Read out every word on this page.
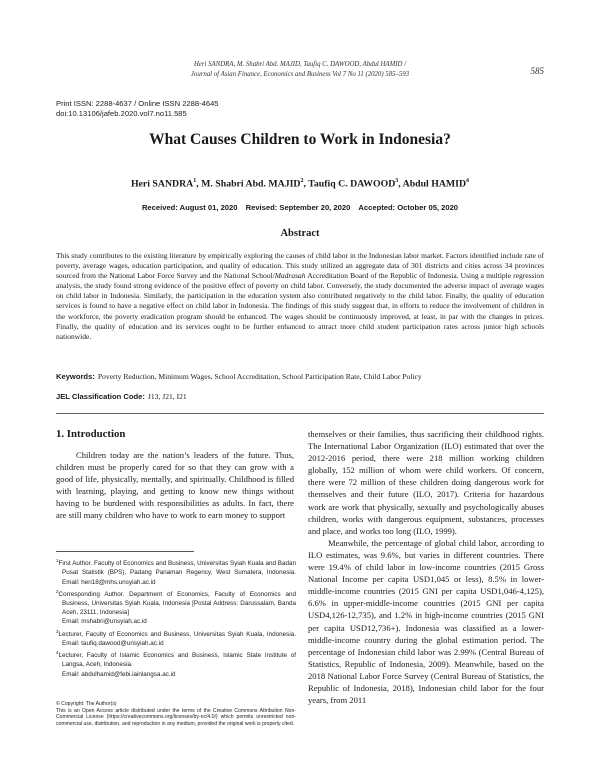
Heri SANDRA, M. Shabri Abd. MAJID, Taufiq C. DAWOOD, Abdul HAMID /
Journal of Asian Finance, Economics and Business Vol 7 No 11 (2020) 585–593	585
Print ISSN: 2288-4637 / Online ISSN 2288-4645
doi:10.13106/jafeb.2020.vol7.no11.585
What Causes Children to Work in Indonesia?
Heri SANDRA$^1$, M. Shabri Abd. MAJID$^2$, Taufiq C. DAWOOD$^3$, Abdul HAMID$^4$
Received: August 01, 2020 Revised: September 20, 2020 Accepted: October 05, 2020
Abstract
This study contributes to the existing literature by empirically exploring the causes of child labor in the Indonesian labor market. Factors identified include rate of poverty, average wages, education participation, and quality of education. This study utilized an aggregate data of 301 districts and cities across 34 provinces sourced from the National Labor Force Survey and the National School/Madrasah Accreditation Board of the Republic of Indonesia. Using a multiple regression analysis, the study found strong evidence of the positive effect of poverty on child labor. Conversely, the study documented the adverse impact of average wages on child labor in Indonesia. Similarly, the participation in the education system also contributed negatively to the child labor. Finally, the quality of education services is found to have a negative effect on child labor in Indonesia. The findings of this study suggest that, in efforts to reduce the involvement of children in the workforce, the poverty eradication program should be enhanced. The wages should be continuously improved, at least, in par with the changes in prices. Finally, the quality of education and its services ought to be further enhanced to attract more child student participation rates across junior high schools nationwide.
Keywords: Poverty Reduction, Minimum Wages, School Accreditation, School Participation Rate, Child Labor Policy
JEL Classification Code: J13, J21, I21
1. Introduction
Children today are the nation’s leaders of the future. Thus, children must be properly cared for so that they can grow with a good of life, physically, mentally, and spiritually. Childhood is filled with learning, playing, and getting to know new things without having to be burdened with responsibilities as adults. In fact, there are still many children who have to work to earn money to support
$^1$First Author. Faculty of Economics and Business, Universitas Syiah Kuala and Badan Pusat Statistik (BPS), Padang Pariaman Regency, West Sumatera, Indonesia. Email: heri18@mhs.unsyiah.ac.id
$^2$Corresponding Author. Department of Economics, Faculty of Economics and Business, Universitas Syiah Kuala, Indonesia [Postal Address: Darussalam, Banda Aceh, 23111, Indonesia]
Email: mshabri@unsyiah.ac.id
$^3$Lecturer, Faculty of Economics and Business, Universitas Syiah Kuala, Indonesia. Email: taufiq.dawood@unsyiah.ac.id
$^4$Lecturer, Faculty of Islamic Economics and Business, Islamic State Institute of Langsa, Aceh, Indonesia.
Email: abdulhamid@febi.iainlangsa.ac.id
© Copyright: The Author(s)
This is an Open Access article distributed under the terms of the Creative Commons Attribution Non-Commercial License (https://creativecommons.org/licenses/by-nc/4.0/) which permits unrestricted non-commercial use, distribution, and reproduction in any medium, provided the original work is properly cited.

themselves or their families, thus sacrificing their childhood rights. The International Labor Organization (ILO) estimated that over the 2012-2016 period, there were 218 million working children globally, 152 million of whom were child workers. Of concern, there were 72 million of these children doing dangerous work for themselves and their future (ILO, 2017). Criteria for hazardous work are work that physically, sexually and psychologically abuses children, works with dangerous equipment, substances, processes and place, and works too long (ILO, 1999).

Meanwhile, the percentage of global child labor, according to ILO estimates, was 9.6%, but varies in different countries. There were 19.4% of child labor in low-income countries (2015 Gross National Income per capita USD1,045 or less), 8.5% in lower-middle-income countries (2015 GNI per capita USD1,046-4,125), 6.6% in upper-middle-income countries (2015 GNI per capita USD4,126-12,735), and 1.2% in high-income countries (2015 GNI per capita USD12,736+). Indonesia was classified as a lower-middle-income country during the global estimation period. The percentage of Indonesian child labor was 2.99% (Central Bureau of Statistics, Republic of Indonesia, 2009). Meanwhile, based on the 2018 National Labor Force Survey (Central Bureau of Statistics, the Republic of Indonesia, 2018), Indonesian child labor for the four years, from 2011
